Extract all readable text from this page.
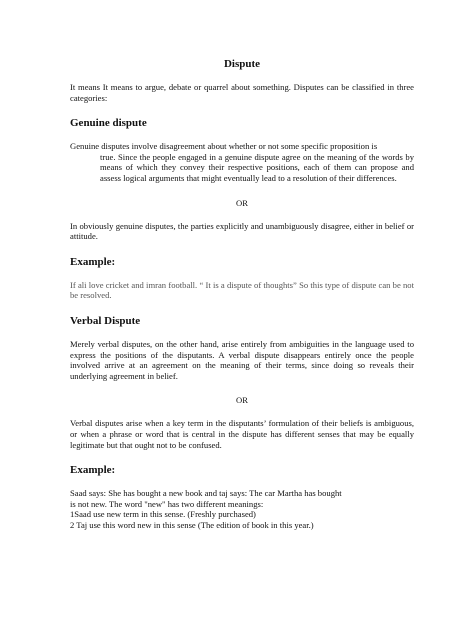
Dispute

It means It means to argue, debate or quarrel about something. Disputes can be classified in three categories:

Genuine dispute

Genuine disputes involve disagreement about whether or not some specific proposition is

true. Since the people engaged in a genuine dispute agree on the meaning of the words by means of which they convey their respective positions, each of them can propose and assess logical arguments that might eventually lead to a resolution of their differences.

OR

In obviously genuine disputes, the parties explicitly and unambiguously disagree, either in belief or attitude.

Example:

If ali love cricket and imran football. “ It is a dispute of thoughts” So this type of dispute can be not be resolved.

Verbal Dispute

Merely verbal disputes, on the other hand, arise entirely from ambiguities in the language used to express the positions of the disputants. A verbal dispute disappears entirely once the people involved arrive at an agreement on the meaning of their terms, since doing so reveals their underlying agreement in belief.

OR

Verbal disputes arise when a key term in the disputants’ formulation of their beliefs is ambiguous, or when a phrase or word that is central in the dispute has different senses that may be equally legitimate but that ought not to be confused.

Example:

Saad says: She has bought a new book and taj says: The car Martha has bought

is not new. The word "new" has two different meanings:

1Saad use new term in this sense. (Freshly purchased)

2 Taj use this word new in this sense (The edition of book in this year.)
